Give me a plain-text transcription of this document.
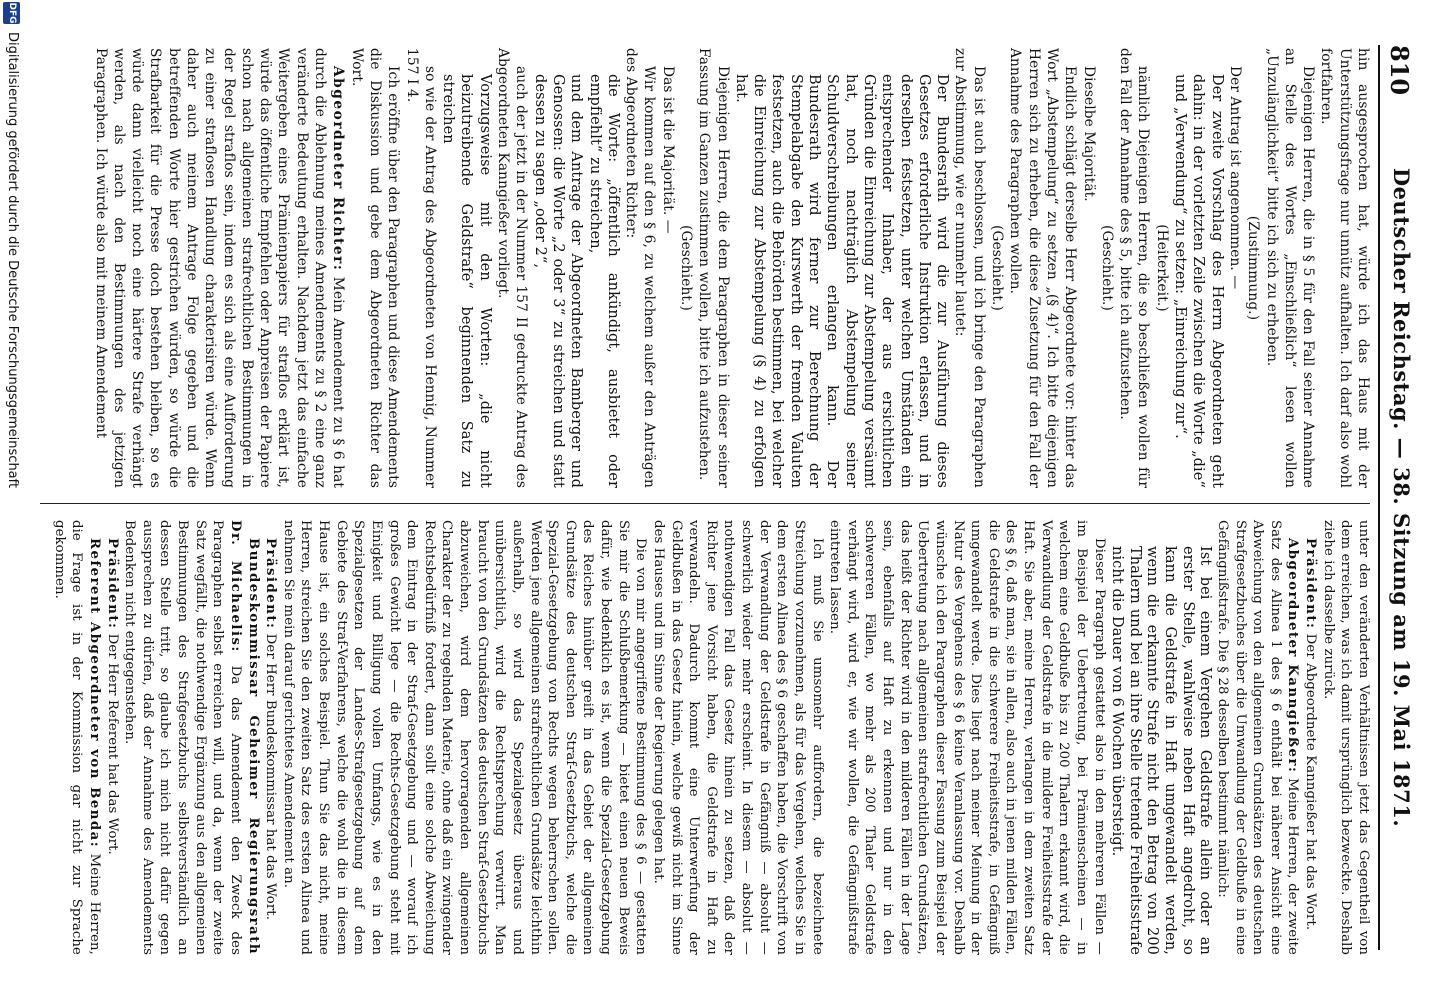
810
Deutscher Reichstag. — 38. Sitzung am 19. Mai 1871.

hin ausgesprochen hat, würde ich das Haus mit der Unterstützungsfrage nur unnütz aufhalten. Ich darf also wohl fortfahren.

Diejenigen Herren, die in § 5 für den Fall seiner Annahme an Stelle des Wortes „Einschließlich“ lesen wollen „Unzulänglichkeit“ bitte ich sich zu erheben.

(Zustimmung.)

Der Antrag ist angenommen. —

Der zweite Vorschlag des Herrn Abgeordneten geht dahin: in der vorletzten Zeile zwischen die Worte „die“ und „Verwendung“ zu setzen: „Einreichung zur“.

(Heiterkeit.)

nämlich Diejenigen Herren, die so beschließen wollen für den Fall der Annahme des § 5, bitte ich aufzustehen.

(Geschieht.)

Dieselbe Majorität.

Endlich schlägt derselbe Herr Abgeordnete vor: hinter das Wort „Abstempelung“ zu setzen „(§ 4)“. Ich bitte diejenigen Herren sich zu erheben, die diese Zusetzung für den Fall der Annahme des Paragraphen wollen.

(Geschieht.)

Das ist auch beschlossen, und ich bringe den Paragraphen zur Abstimmung, wie er nunmehr lautet:

Der Bundesrath wird die zur Ausführung dieses Gesetzes erforderliche Instruktion erlassen, und in derselben festsetzen, unter welchen Umständen ein entsprechender Inhaber, der aus ersichtlichen Gründen die Einreichung zur Abstempelung versäumt hat, noch nachträglich Abstempelung seiner Schuldverschreibungen erlangen kann. Der Bundesrath wird ferner zur Berechnung der Stempelabgabe den Kurswerth der fremden Valuten festsetzen, auch die Behörden bestimmen, bei welcher die Einreichung zur Abstempelung (§ 4) zu erfolgen hat.

Diejenigen Herren, die dem Paragraphen in dieser seiner Fassung im Ganzen zustimmen wollen, bitte ich aufzustehen.

(Geschieht.)

Das ist die Majorität. —

Wir kommen auf den § 6, zu welchem außer den Anträgen des Abgeordneten Richter:

die Worte: „öffentlich ankündigt, ausbietet oder empfiehlt“ zu streichen,

und dem Antrage der Abgeordneten Bamberger und Genossen: die Worte „2 oder 3“ zu streichen und statt dessen zu sagen „oder 2“,

auch der jetzt in der Nummer 157 II gedruckte Antrag des Abgeordneten Kanngießer vorliegt.

Vorzugsweise mit den Worten: „die nicht beizutreibende Geldstrafe“ beginnenden Satz zu streichen

so wie der Antrag des Abgeordneten von Hennig, Nummer 157 I 4.

Ich eröffne über den Paragraphen und diese Amendements die Diskussion und gebe dem Abgeordneten Richter das Wort.

Abgeordneter Richter: Mein Amendement zu § 6 hat durch die Ablehnung meines Amendements zu § 2 eine ganz veränderte Bedeutung erhalten. Nachdem jetzt das einfache Weitergeben eines Prämienpapiers für straflos erklärt ist, würde das öffentliche Empfehlen oder Anpreisen der Papiere schon nach allgemeinen strafrechtlichen Bestimmungen in der Regel straflos sein, indem es sich als eine Aufforderung zu einer straflosen Handlung charakterisiren würde. Wenn daher auch meinem Antrage Folge gegeben und die betreffenden Worte hier gestrichen würden, so würde die Strafbarkeit für die Presse doch bestehen bleiben, so es würde dann vielleicht noch eine härtere Strafe verhängt werden, als nach den Bestimmungen des jetzigen Paragraphen. Ich würde also mit meinem Amendement

unter den veränderten Verhältnissen jetzt das Gegentheil von dem erreichen, was ich damit ursprünglich bezweckte. Deshalb ziehe ich dasselbe zurück.

Präsident: Der Abgeordnete Kanngießer hat das Wort.

Abgeordneter Kanngießer: Meine Herren, der zweite Satz des Alinea 1 des § 6 enthält bei näherer Ansicht eine Abweichung von den allgemeinen Grundsätzen des deutschen Strafgesetzbuches über die Umwandlung der Geldbuße in eine Gefängnißstrafe. Die § 28 desselben bestimmt nämlich:

Ist bei einem Vergehen Geldstrafe allein oder an erster Stelle, wahlweise neben Haft angedroht, so kann die Geldstrafe in Haft umgewandelt werden, wenn die erkannte Strafe nicht den Betrag von 200 Thalern und bei an ihre Stelle tretende Freiheitsstrafe nicht die Dauer von 6 Wochen übersteigt.

Dieser Paragraph gestattet also in den mehreren Fällen — im Beispiel der Uebertretung, bei Prämienscheinen — in welchem eine Geldbuße bis zu 200 Thalern erkannt wird, die Verwandlung der Geldstrafe in die mildere Freiheitsstrafe der Haft. Sie aber, meine Herren, verlangen in dem zweiten Satz des § 6, daß man, sie in allen, also auch in jenen milden Fällen, die Geldstrafe in die schwerere Freiheitsstrafe, in Gefängniß umgewandelt werde. Dies liegt nach meiner Meinung in der Natur des Vergehens des § 6 keine Veranlassung vor. Deshalb wünsche ich den Paragraphen dieser Fassung zum Beispiel der Uebertretung nach allgemeinen strafrechtlichen Grundsätzen, das heißt der Richter wird in den milderen Fällen in der Lage sein, ebenfalls auf Haft zu erkennen und nur in den schwereren Fällen, wo mehr als 200 Thaler Geldstrafe verhängt wird, wird er, wie wir wollen, die Gefängnißstrafe eintreten lassen.

Ich muß Sie umsomehr auffordern, die bezeichnete Streichung vorzunehmen, als für das Vergehen, welches Sie in dem ersten Alinea des § 6 geschaffen haben, die Vorschrift von der Verwandlung der Geldstrafe in Gefängniß — absolut — schwerlich wieder mehr erscheint. In diesem — absolut — nothwendigen Fall das Gesetz hinein zu setzen, daß der Richter jene Vorsicht haben, die Geldstrafe in Haft zu verwandeln. Dadurch kommt eine Unterwerfung der Geldbußen in das Gesetz hinein, welche gewiß nicht im Sinne des Hauses und im Sinne der Regierung gelegen hat.

Die von mir angegriffene Bestimmung des § 6 — gestatten Sie mir die Schlußbemerkung — bietet einen neuen Beweis dafür, wie bedenklich es ist, wenn die Spezial-Gesetzgebung des Reiches hinüber greift in das Gebiet der allgemeinen Grundsätze des deutschen Straf-Gesetzbuchs, welche die Spezial-Gesetzgebung von Rechts wegen beherrschen sollen. Werden jene allgemeinen strafrechtlichen Grundsätze leichthin außerhalb, so wird das Spezialgesetz überaus und unübersichtlich, wird die Rechtsprechung verwirrt. Man braucht von den Grundsätzen des deutschen Straf-Gesetzbuchs abzuweichen, wird dem hervorragenden allgemeinen Charakter der zu regelnden Materie, ohne daß ein zwingender Rechtsbedürfniß fordert, dann sollt eine solche Abweichung dem Eintrag in der Straf-Gesetzgebung und — worauf ich großes Gewicht lege — die Rechts-Gesetzgebung steht mit Einigkeit und Billigung vollen Umfangs, wie es in den Spezialgesetzen der Landes-Strafgesetzgebung auf dem Gebiete des Straf-Verfahrens, welche die wohl die in diesem Hause ist, ein solches Beispiel. Thun Sie das nicht, meine Herren, streichen Sie den zweiten Satz des ersten Alinea und nehmen Sie mein darauf gerichtetes Amendement an.

Präsident: Der Herr Bundeskommissar hat das Wort.

Bundeskommissar Geheimer Regierungsrath Dr. Michaelis: Da das Amendement den Zweck des Paragraphen selbst erreichen will, und da, wenn der zweite Satz wegfällt, die nothwendige Ergänzung aus den allgemeinen Bestimmungen des Strafgesetzbuchs selbstverständlich an dessen Stelle tritt, so glaube ich mich nicht dafür gegen aussprechen zu dürfen, daß der Annahme des Amendements Bedenken nicht entgegenstehen.

Präsident: Der Herr Referent hat das Wort.

Referent Abgeordneter von Benda: Meine Herren, die Frage ist in der Kommission gar nicht zur Sprache gekommen.

DFG
Digitalisierung gefördert durch die Deutsche Forschungsgemeinschaft
